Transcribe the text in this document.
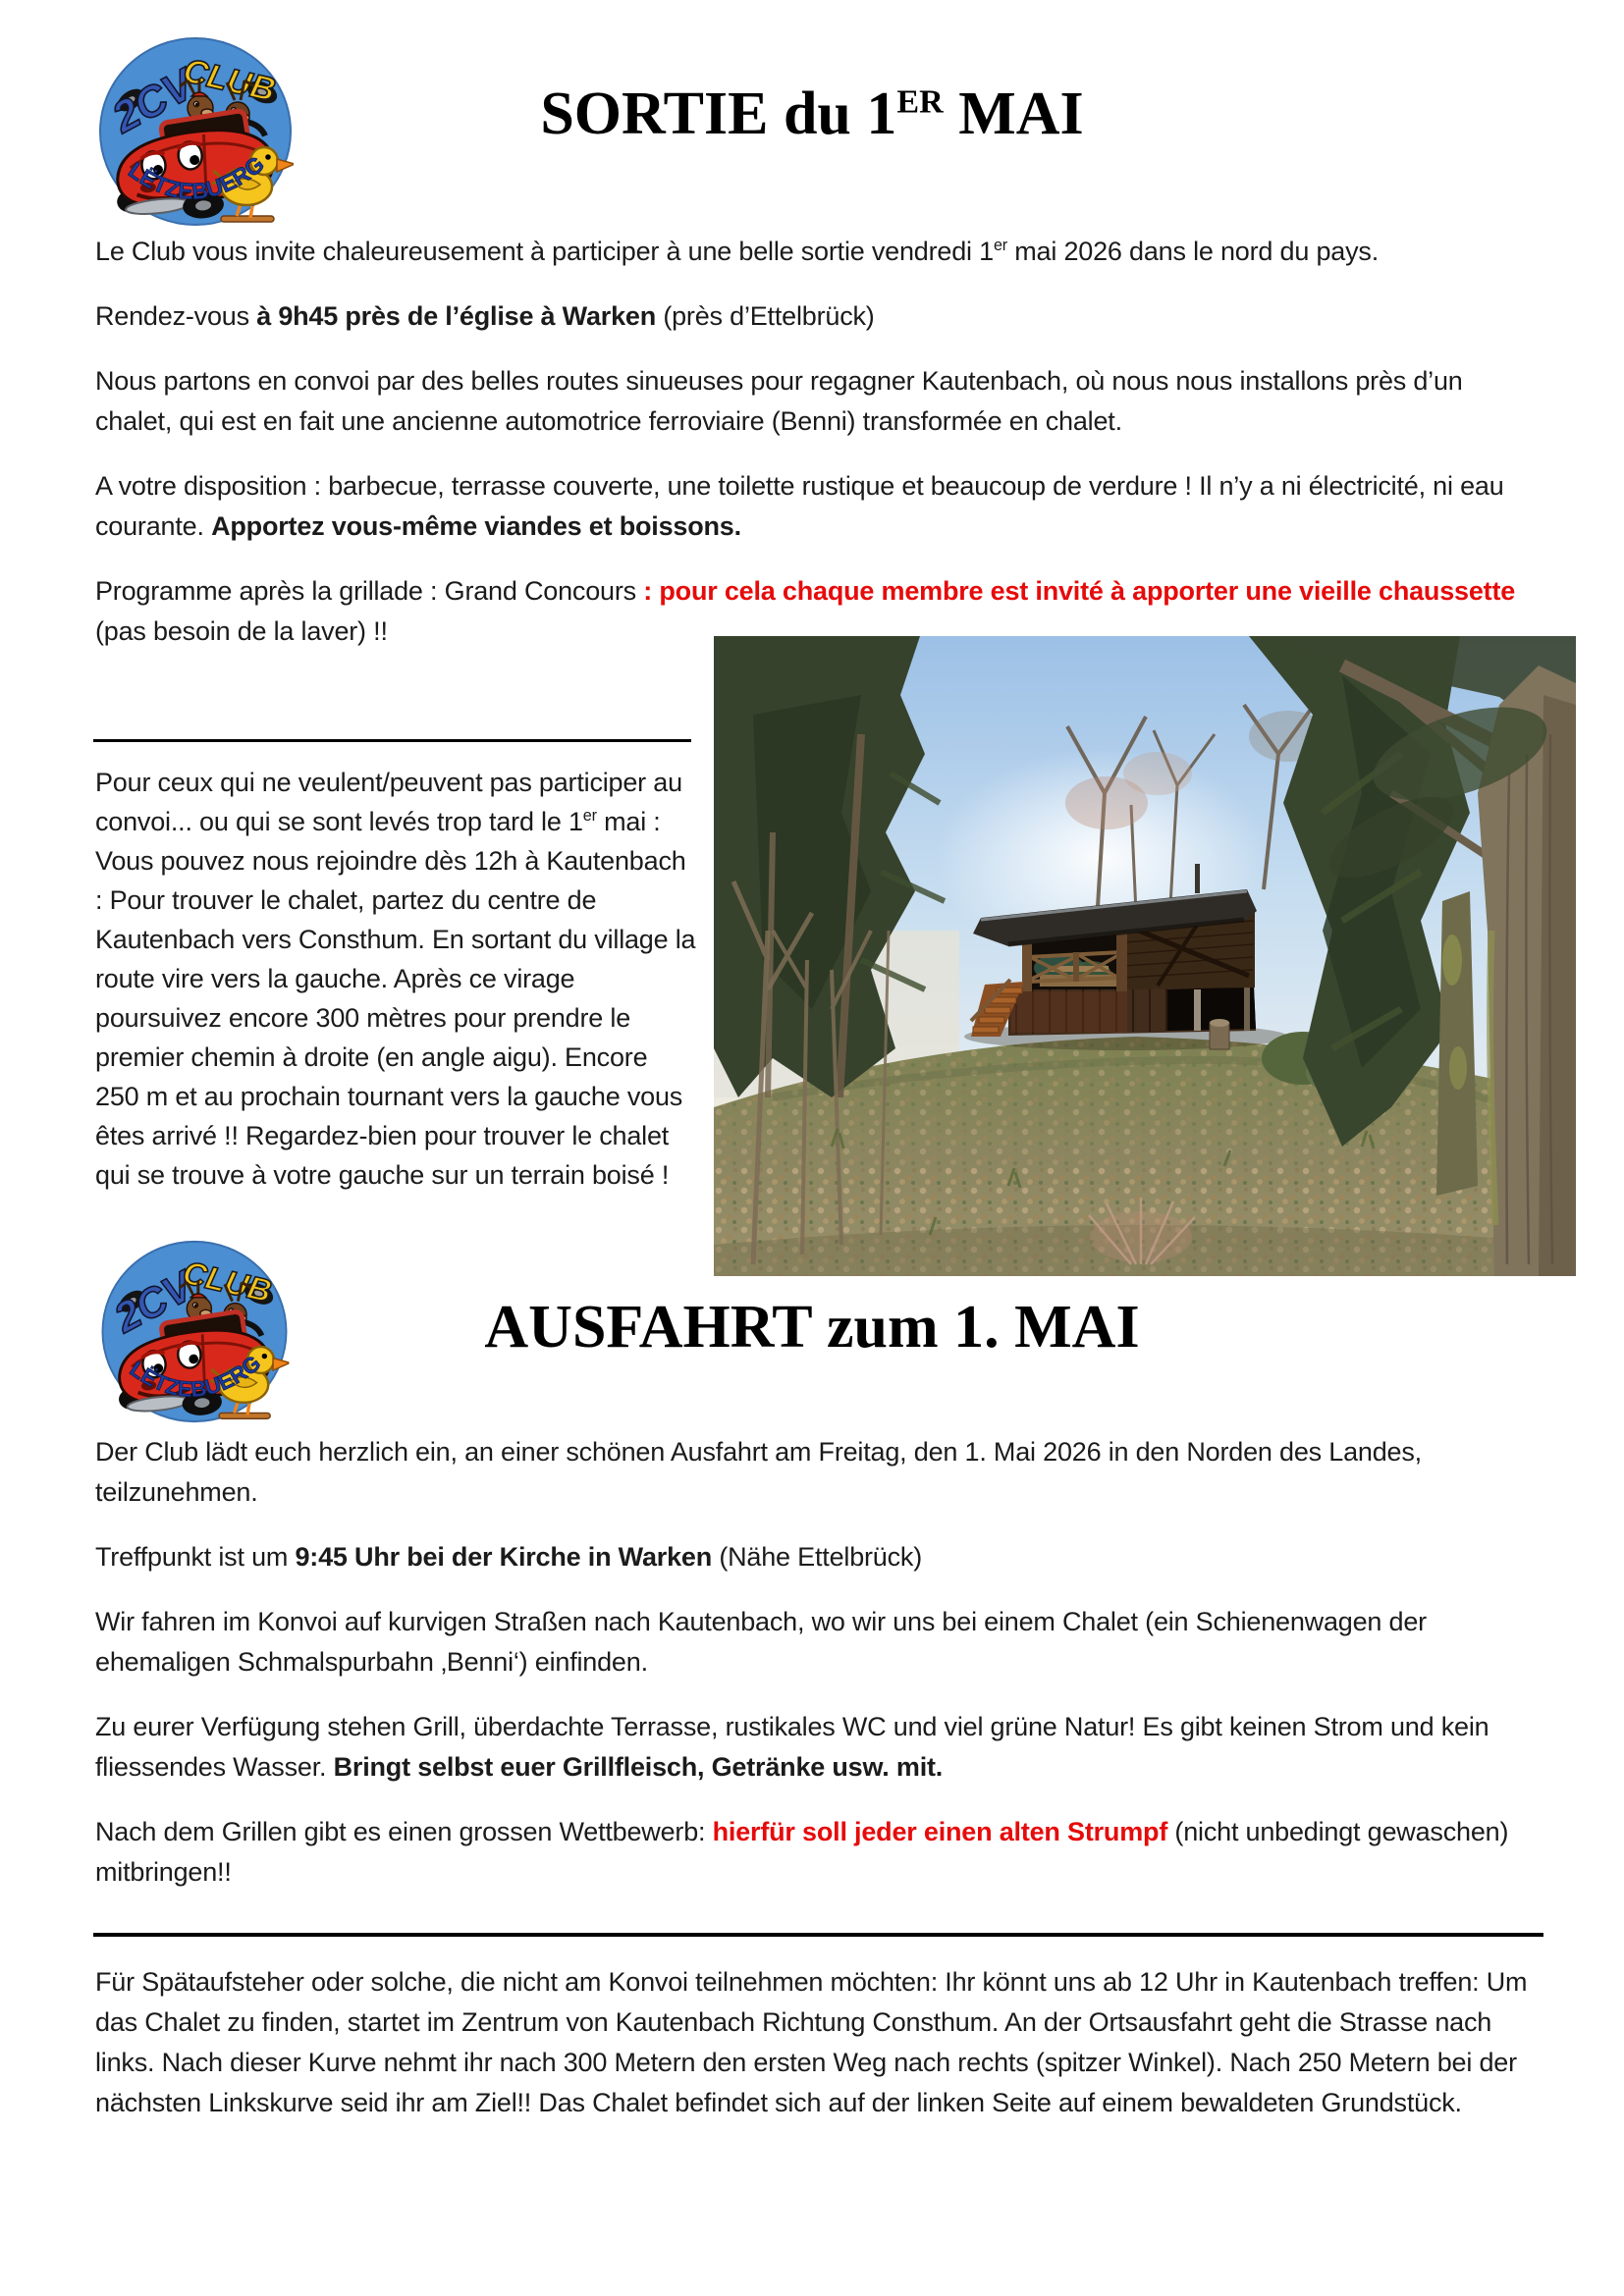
SORTIE du 1ER MAI

Le Club vous invite chaleureusement à participer à une belle sortie vendredi 1er mai 2026 dans le nord du pays.

Rendez-vous à 9h45 près de l’église à Warken (près d’Ettelbrück)

Nous partons en convoi par des belles routes sinueuses pour regagner Kautenbach, où nous nous installons près d’un chalet, qui est en fait une ancienne automotrice ferroviaire (Benni) transformée en chalet.

A votre disposition : barbecue, terrasse couverte, une toilette rustique et beaucoup de verdure ! Il n’y a ni électricité, ni eau courante. Apportez vous-même viandes et boissons.

Programme après la grillade : Grand Concours : pour cela chaque membre est invité à apporter une vieille chaussette (pas besoin de la laver) !!

Pour ceux qui ne veulent/peuvent pas participer au convoi... ou qui se sont levés trop tard le 1er mai : Vous pouvez nous rejoindre dès 12h à Kautenbach : Pour trouver le chalet, partez du centre de Kautenbach vers Consthum. En sortant du village la route vire vers la gauche. Après ce virage poursuivez encore 300 mètres pour prendre le premier chemin à droite (en angle aigu). Encore 250 m et au prochain tournant vers la gauche vous êtes arrivé !! Regardez-bien pour trouver le chalet qui se trouve à votre gauche sur un terrain boisé !

AUSFAHRT zum 1. MAI

Der Club lädt euch herzlich ein, an einer schönen Ausfahrt am Freitag, den 1. Mai 2026 in den Norden des Landes, teilzunehmen.

Treffpunkt ist um 9:45 Uhr bei der Kirche in Warken (Nähe Ettelbrück)

Wir fahren im Konvoi auf kurvigen Straßen nach Kautenbach, wo wir uns bei einem Chalet (ein Schienenwagen der ehemaligen Schmalspurbahn ‚Benni‘) einfinden.

Zu eurer Verfügung stehen Grill, überdachte Terrasse, rustikales WC und viel grüne Natur! Es gibt keinen Strom und kein fliessendes Wasser. Bringt selbst euer Grillfleisch, Getränke usw. mit.

Nach dem Grillen gibt es einen grossen Wettbewerb: hierfür soll jeder einen alten Strumpf (nicht unbedingt gewaschen) mitbringen!!

Für Spätaufsteher oder solche, die nicht am Konvoi teilnehmen möchten: Ihr könnt uns ab 12 Uhr in Kautenbach treffen: Um das Chalet zu finden, startet im Zentrum von Kautenbach Richtung Consthum. An der Ortsausfahrt geht die Strasse nach links. Nach dieser Kurve nehmt ihr nach 300 Metern den ersten Weg nach rechts (spitzer Winkel). Nach 250 Metern bei der nächsten Linkskurve seid ihr am Ziel!! Das Chalet befindet sich auf der linken Seite auf einem bewaldeten Grundstück.
